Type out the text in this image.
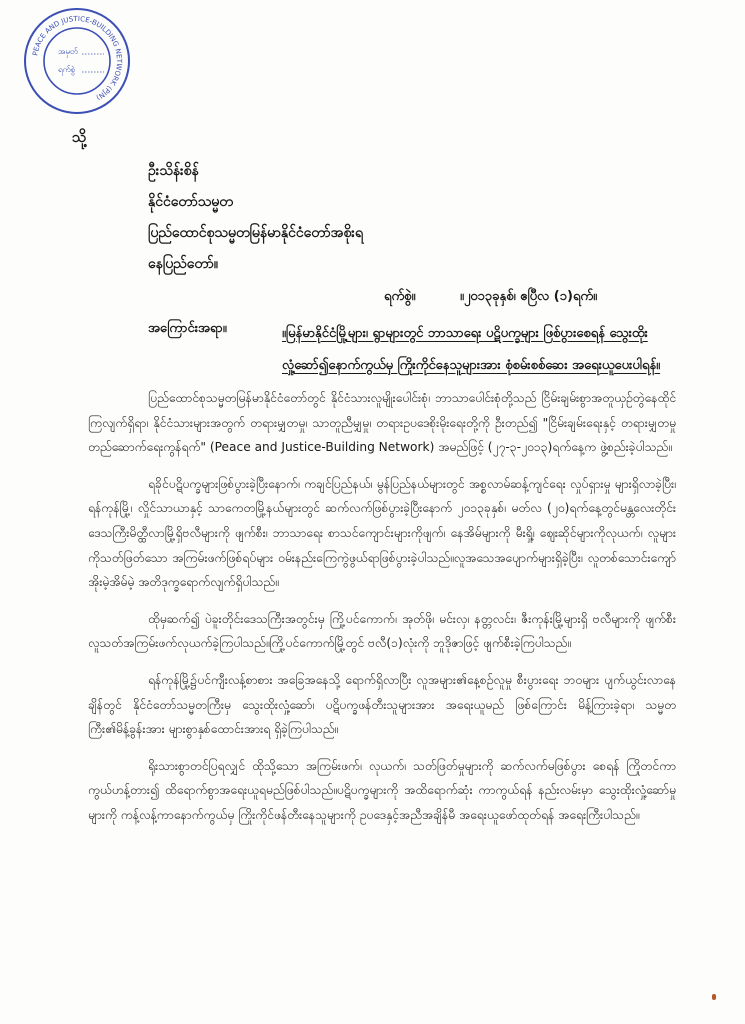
PEACE AND JUSTICE-BUILDING NETWORK (PJN)
အမှတ်
ရက်စွဲ
သို့
ဦးသိန်းစိန်
နိုင်ငံတော်သမ္မတ
ပြည်ထောင်စုသမ္မတမြန်မာနိုင်ငံတော်အစိုးရ
နေပြည်တော်။
ရက်စွဲ။	။၂၀၁၃ခုနှစ်၊ ဧပြီလ (၁)ရက်။
အကြောင်းအရာ။	။မြန်မာနိုင်ငံမြို့များ၊ ရွာများတွင် ဘာသာရေး ပဋိပက္ခများ ဖြစ်ပွားစေရန် သွေးထိုးလှုံ့ဆော်၍နောက်ကွယ်မှ ကြိုးကိုင်နေသူများအား စုံစမ်းစစ်ဆေး အရေးယူပေးပါရန်။

ပြည်ထောင်စုသမ္မတမြန်မာနိုင်ငံတော်တွင် နိုင်ငံသားလူမျိုးပေါင်းစုံ၊ ဘာသာပေါင်းစုံတို့သည် ငြိမ်းချမ်းစွာအတူယှဉ်တွဲနေထိုင်ကြလျက်ရှိရာ၊ နိုင်ငံသားများအတွက် တရားမျှတမှု၊ သာတူညီမျှမှု၊ တရားဥပဒေစိုးမိုးရေးတို့ကို ဦးတည်၍ "ငြိမ်းချမ်းရေးနှင့် တရားမျှတမှုတည်ဆောက်ရေးကွန်ရက်" (Peace and Justice-Building Network) အမည်ဖြင့် (၂၇-၃-၂၀၁၃)ရက်နေ့က ဖွဲ့စည်းခဲ့ပါသည်။

ရခိုင်ပဋိပက္ခများဖြစ်ပွားခဲ့ပြီးနောက်၊ ကချင်ပြည်နယ်၊ မွန်ပြည်နယ်များတွင် အစ္စလာမ်ဆန့်ကျင်ရေး လှုပ်ရှားမှု များရှိလာခဲ့ပြီး၊ ရန်ကုန်မြို့၊ လှိုင်သာယာနှင့် သာကေတမြို့နယ်များတွင် ဆက်လက်ဖြစ်ပွားခဲ့ပြီးနောက် ၂၀၁၃ခုနှစ်၊ မတ်လ (၂၀)ရက်နေ့တွင်မန္တလေးတိုင်းဒေသကြီးမိတ္ထီလာမြို့ရှိဗလီများကို ဖျက်စီး၊ ဘာသာရေး စာသင်ကျောင်းများကိုဖျက်၊ နေအိမ်များကို မီးရှို့၊ ဈေးဆိုင်များကိုလုယက်၊ လူများကိုသတ်ဖြတ်သော အကြမ်းဖက်ဖြစ်ရပ်များ ဝမ်းနည်းကြေကွဲဖွယ်ရာဖြစ်ပွားခဲ့ပါသည်။လူအသေအပျောက်များရှိခဲ့ပြီး၊ လူတစ်သောင်းကျော် အိုးမဲ့အိမ်မဲ့ အတိဒုက္ခရောက်လျက်ရှိပါသည်။

ထိုမှဆက်၍ ပဲခူးတိုင်းဒေသကြီးအတွင်းမှ ကြို့ပင်ကောက်၊ အုတ်ဖို၊ မင်းလှ၊ နတ္တလင်း၊ ဇီးကုန်းမြို့များရှိ ဗလီများကို ဖျက်စီး လူသတ်အကြမ်းဖက်လုယက်ခဲ့ကြပါသည်။ကြို့ပင်ကောက်မြို့တွင် ဗလီ(၁)လုံးကို ဘူဒိုဇာဖြင့် ဖျက်စီးခဲ့ကြပါသည်။

ရန်ကုန်မြို့၌ပင်ကျီးလန့်စာစား အခြေအနေသို့ ရောက်ရှိလာပြီး လူအများ၏နေ့စဉ်လူမှု စီးပွားရေး ဘဝများ ပျက်ယွင်းလာနေချိန်တွင် နိုင်ငံတော်သမ္မတကြီးမှ သွေးထိုးလှုံ့ဆော်၊ ပဋိပက္ခဖန်တီးသူများအား အရေးယူမည် ဖြစ်ကြောင်း မိန့်ကြားခဲ့ရာ၊ သမ္မတကြီး၏မိန့်ခွန်းအား များစွာနှစ်ထောင်းအားရ ရှိခဲ့ကြပါသည်။

ရိုးသားစွာတင်ပြရလျှင် ထိုသို့သော အကြမ်းဖက်၊ လုယက်၊ သတ်ဖြတ်မှုများကို ဆက်လက်မဖြစ်ပွား စေရန် ကြိုတင်ကာကွယ်ဟန့်တား၍ ထိရောက်စွာအရေးယူရမည်ဖြစ်ပါသည်။ပဋိပက္ခများကို အထိရောက်ဆုံး ကာကွယ်ရန် နည်းလမ်းမှာ သွေးထိုးလှုံ့ဆော်မှုများကို ကန့်လန့်ကာနောက်ကွယ်မှ ကြိုးကိုင်ဖန်တီးနေသူများကို ဥပဒေနှင့်အညီအချိန်မီ အရေးယူဖော်ထုတ်ရန် အရေးကြီးပါသည်။
